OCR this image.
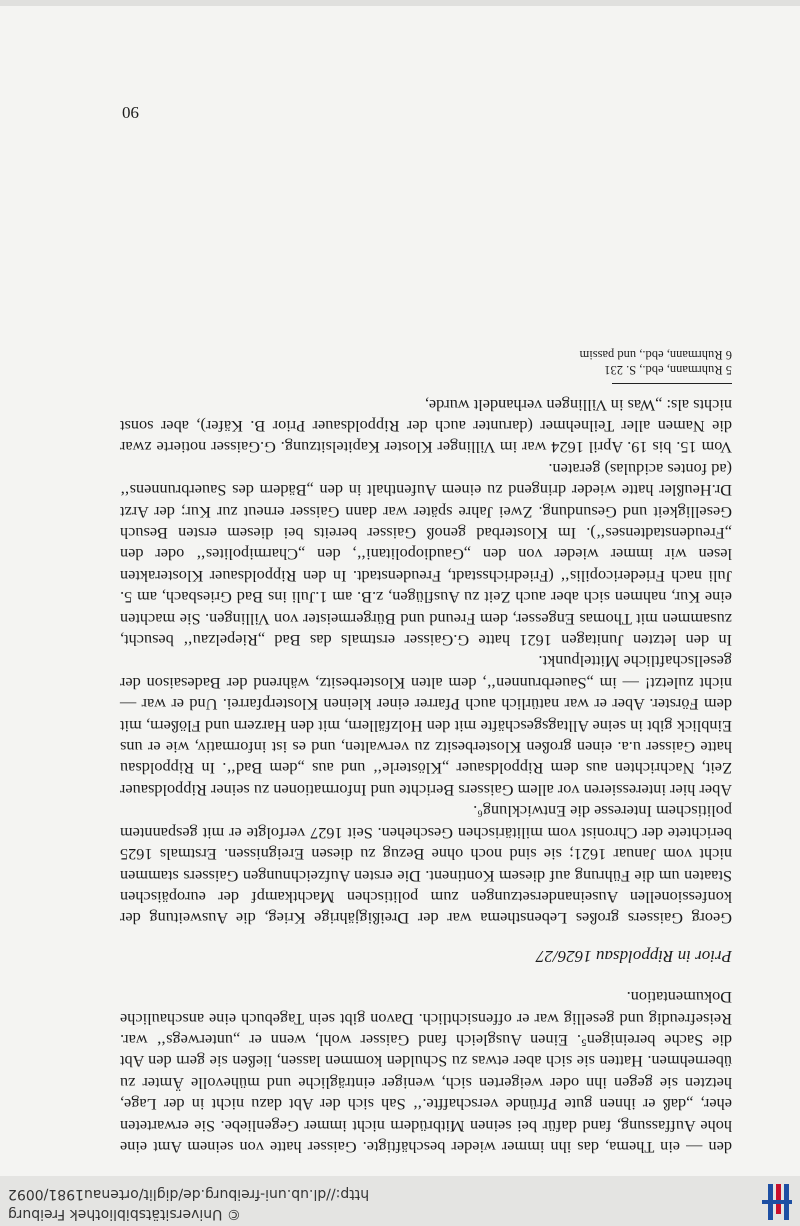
© Universitätsbibliothek Freiburg
http://dl.ub.uni-freiburg.de/diglit/ortenau1981/0092

den — ein Thema, das ihn immer wieder beschäftigte. Gaisser hatte von seinem Amt eine hohe Auffassung, fand dafür bei seinen Mitbrüdern nicht immer Gegenliebe. Sie erwarteten eher, „daß er ihnen gute Pfründe verschaffte.‘‘ Sah sich der Abt dazu nicht in der Lage, hetzten sie gegen ihn oder weigerten sich, weniger einträgliche und mühevolle Ämter zu übernehmen. Hatten sie sich aber etwas zu Schulden kommen lassen, ließen sie gern den Abt die Sache bereinigen⁵. Einen Ausgleich fand Gaisser wohl, wenn er „unterwegs‘‘ war. Reisefreudig und gesellig war er offensichtlich. Davon gibt sein Tagebuch eine anschauliche Dokumentation.

Prior in Rippoldsau 1626/27

Georg Gaissers großes Lebensthema war der Dreißigjährige Krieg, die Ausweitung der konfessionellen Auseinandersetzungen zum politischen Machtkampf der europäischen Staaten um die Führung auf diesem Kontinent. Die ersten Aufzeichnungen Gaissers stammen nicht vom Januar 1621; sie sind noch ohne Bezug zu diesen Ereignissen. Erstmals 1625 berichtete der Chronist vom militärischen Geschehen. Seit 1627 verfolgte er mit gespanntem politischem Interesse die Entwicklung⁶.

Aber hier interessieren vor allem Gaissers Berichte und Informationen zu seiner Rippoldsauer Zeit, Nachrichten aus dem Rippoldsauer „Klösterle‘‘ und aus „dem Bad‘‘. In Rippoldsau hatte Gaisser u.a. einen großen Klosterbesitz zu verwalten, und es ist informativ, wie er uns Einblick gibt in seine Alltagsgeschäfte mit den Holzfällern, mit den Harzern und Flößern, mit dem Förster. Aber er war natürlich auch Pfarrer einer kleinen Klosterpfarrei. Und er war — nicht zuletzt! — im „Sauerbrunnen‘‘, dem alten Klosterbesitz, während der Badesaison der gesellschaftliche Mittelpunkt.

In den letzten Junitagen 1621 hatte G.Gaisser erstmals das Bad „Riepelzau‘‘ besucht, zusammen mit Thomas Engesser, dem Freund und Bürgermeister von Villingen. Sie machten eine Kur, nahmen sich aber auch Zeit zu Ausflügen, z.B. am 1.Juli ins Bad Griesbach, am 5. Juli nach Friedericopilis‘‘ (Friedrichsstadt, Freudenstadt. In den Rippoldsauer Klosterakten lesen wir immer wieder von den „Gaudiopolitani‘‘, den „Charmipolites‘‘ oder den „Freudenstadtenses‘‘). Im Klosterbad genoß Gaisser bereits bei diesem ersten Besuch Geselligkeit und Gesundung. Zwei Jahre später war dann Gaisser erneut zur Kur; der Arzt Dr.Heußler hatte wieder dringend zu einem Aufenthalt in den „Bädern des Sauerbrunnens‘‘ (ad fontes acidulas) geraten.

Vom 15. bis 19. April 1624 war im Villinger Kloster Kapitelsitzung. G.Gaisser notierte zwar die Namen aller Teilnehmer (darunter auch der Rippoldsauer Prior B. Käfer), aber sonst nichts als: „Was in Villingen verhandelt wurde,

5 Ruhrmann, ebd., S. 231
6 Ruhrmann, ebd., und passim
90
